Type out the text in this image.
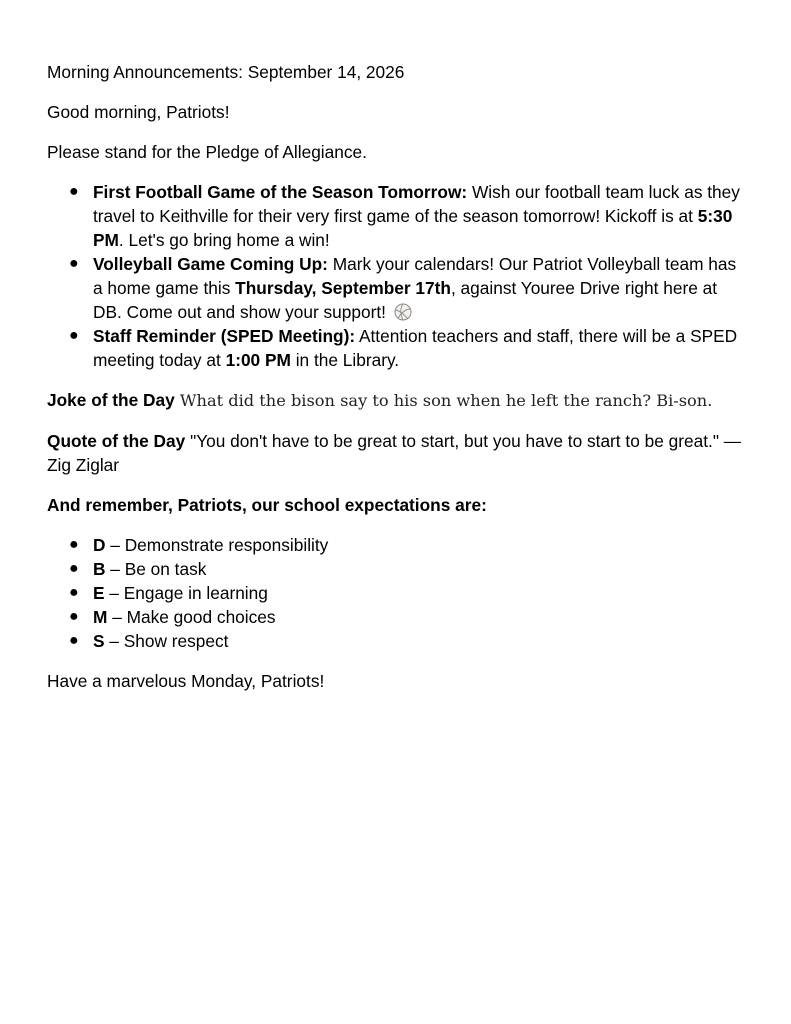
Morning Announcements: September 14, 2026

Good morning, Patriots!

Please stand for the Pledge of Allegiance.

● First Football Game of the Season Tomorrow: Wish our football team luck as they travel to Keithville for their very first game of the season tomorrow! Kickoff is at 5:30 PM. Let's go bring home a win!
● Volleyball Game Coming Up: Mark your calendars! Our Patriot Volleyball team has a home game this Thursday, September 17th, against Youree Drive right here at DB. Come out and show your support!
● Staff Reminder (SPED Meeting): Attention teachers and staff, there will be a SPED meeting today at 1:00 PM in the Library.

Joke of the Day What did the bison say to his son when he left the ranch? Bi-son.

Quote of the Day "You don't have to be great to start, but you have to start to be great." — Zig Ziglar

And remember, Patriots, our school expectations are:

● D – Demonstrate responsibility
● B – Be on task
● E – Engage in learning
● M – Make good choices
● S – Show respect

Have a marvelous Monday, Patriots!
